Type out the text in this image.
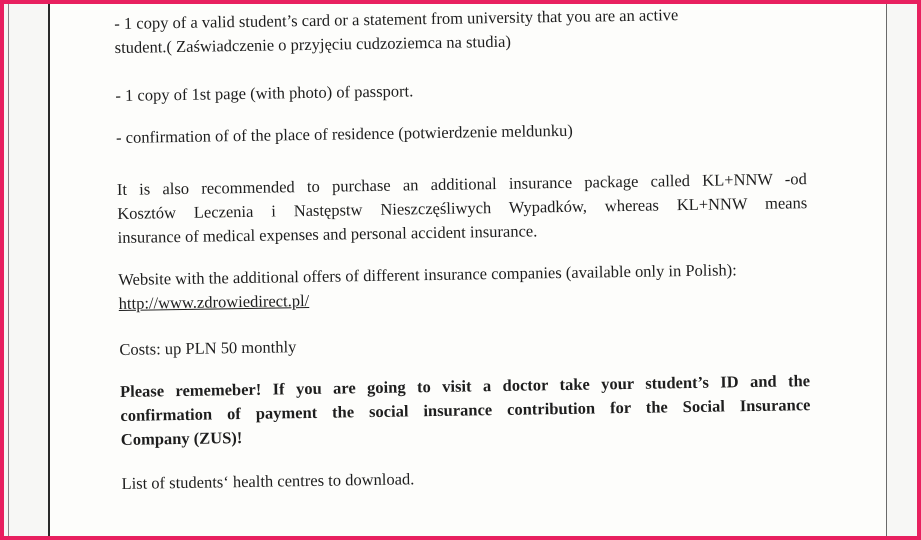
- 1 copy of a valid student’s card or a statement from university that you are an active
student.( Zaświadczenie o przyjęciu cudzoziemca na studia)
- 1 copy of 1st page (with photo) of passport.
- confirmation of of the place of residence (potwierdzenie meldunku)
It is also recommended to purchase an additional insurance package called KL+NNW -od
Kosztów Leczenia i Następstw Nieszczęśliwych Wypadków, whereas KL+NNW means
insurance of medical expenses and personal accident insurance.
Website with the additional offers of different insurance companies (available only in Polish):
http://www.zdrowiedirect.pl/
Costs: up PLN 50 monthly
Please rememeber! If you are going to visit a doctor take your student’s ID and the
confirmation of payment the social insurance contribution for the Social Insurance
Company (ZUS)!
List of students‘ health centres to download.
